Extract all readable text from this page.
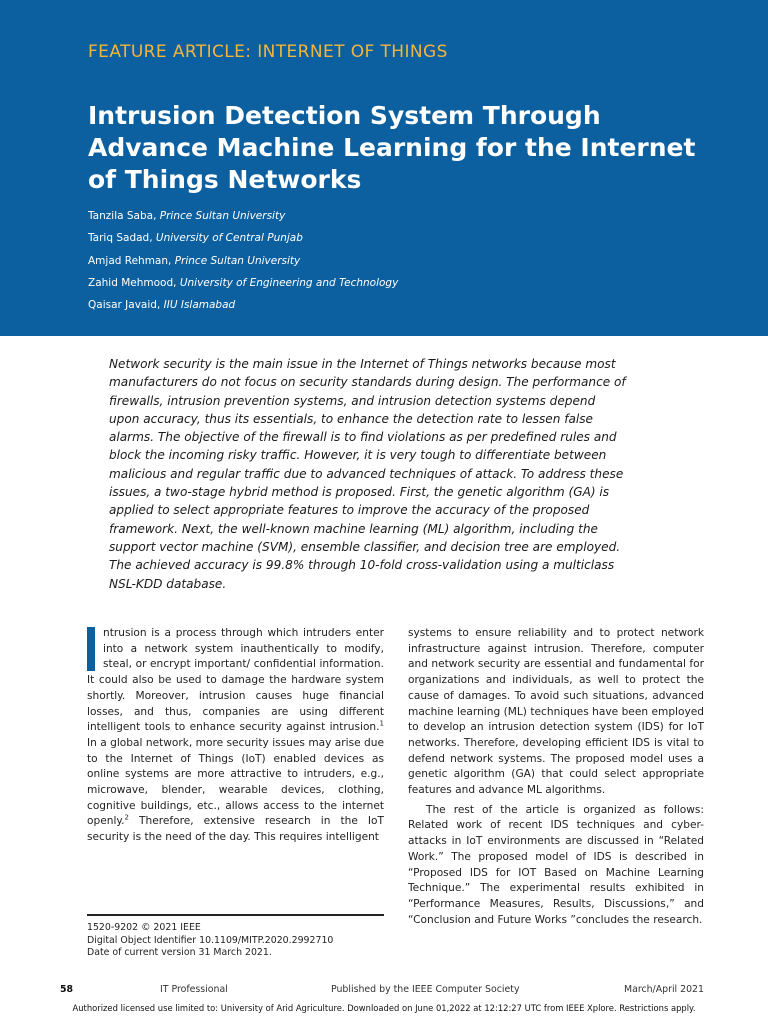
FEATURE ARTICLE: INTERNET OF THINGS
Intrusion Detection System Through Advance Machine Learning for the Internet of Things Networks
Tanzila Saba, Prince Sultan University
Tariq Sadad, University of Central Punjab
Amjad Rehman, Prince Sultan University
Zahid Mehmood, University of Engineering and Technology
Qaisar Javaid, IIU Islamabad

Network security is the main issue in the Internet of Things networks because most manufacturers do not focus on security standards during design. The performance of firewalls, intrusion prevention systems, and intrusion detection systems depend upon accuracy, thus its essentials, to enhance the detection rate to lessen false alarms. The objective of the firewall is to find violations as per predefined rules and block the incoming risky traffic. However, it is very tough to differentiate between malicious and regular traffic due to advanced techniques of attack. To address these issues, a two-stage hybrid method is proposed. First, the genetic algorithm (GA) is applied to select appropriate features to improve the accuracy of the proposed framework. Next, the well-known machine learning (ML) algorithm, including the support vector machine (SVM), ensemble classifier, and decision tree are employed. The achieved accuracy is 99.8% through 10-fold cross-validation using a multiclass NSL-KDD database.

ntrusion is a process through which intruders enter into a network system inauthentically to modify, steal, or encrypt important/ confidential information. It could also be used to damage the hardware system shortly. Moreover, intrusion causes huge financial losses, and thus, companies are using different intelligent tools to enhance security against intrusion.$^1$ In a global network, more security issues may arise due to the Internet of Things (IoT) enabled devices as online systems are more attractive to intruders, e.g., microwave, blender, wearable devices, clothing, cognitive buildings, etc., allows access to the internet openly.$^2$ Therefore, extensive research in the IoT security is the need of the day. This requires intelligent

systems to ensure reliability and to protect network infrastructure against intrusion. Therefore, computer and network security are essential and fundamental for organizations and individuals, as well to protect the cause of damages. To avoid such situations, advanced machine learning (ML) techniques have been employed to develop an intrusion detection system (IDS) for IoT networks. Therefore, developing efficient IDS is vital to defend network systems. The proposed model uses a genetic algorithm (GA) that could select appropriate features and advance ML algorithms.

The rest of the article is organized as follows: Related work of recent IDS techniques and cyber-attacks in IoT environments are discussed in “Related Work.” The proposed model of IDS is described in “Proposed IDS for IOT Based on Machine Learning Technique.” The experimental results exhibited in “Performance Measures, Results, Discussions,” and “Conclusion and Future Works ”concludes the research.

1520-9202 © 2021 IEEE
Digital Object Identifier 10.1109/MITP.2020.2992710
Date of current version 31 March 2021.
58	IT Professional	Published by the IEEE Computer Society	March/April 2021
Authorized licensed use limited to: University of Arid Agriculture. Downloaded on June 01,2022 at 12:12:27 UTC from IEEE Xplore. Restrictions apply.
